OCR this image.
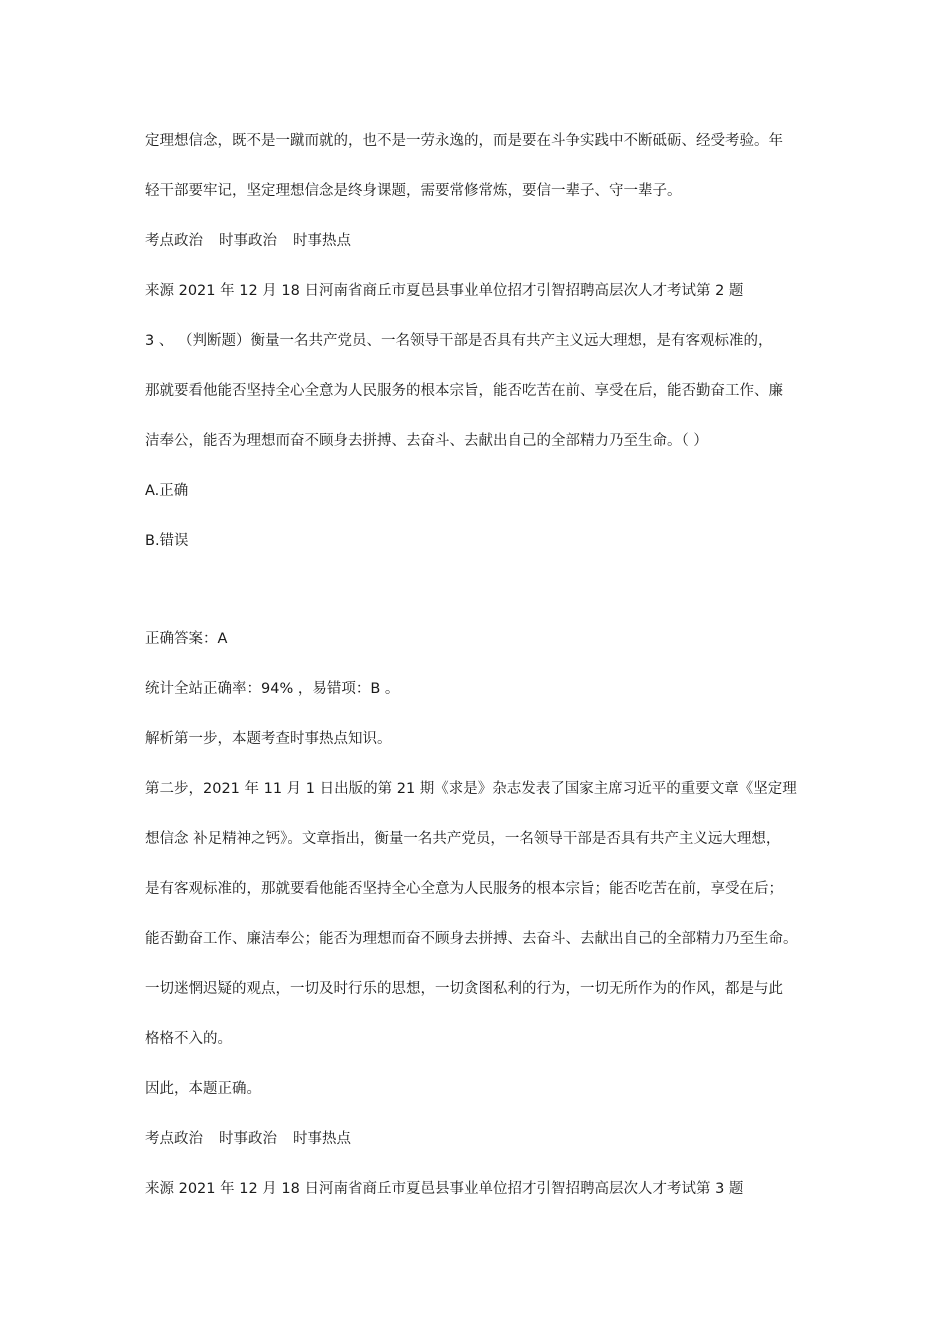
定理想信念，既不是一蹴而就的，也不是一劳永逸的，而是要在斗争实践中不断砥砺、经受考验。年
轻干部要牢记，坚定理想信念是终身课题，需要常修常炼，要信一辈子、守一辈子。
考点政治 时事政治 时事热点
来源 2021 年 12 月 18 日河南省商丘市夏邑县事业单位招才引智招聘高层次人才考试第 2 题
3 、 （判断题）衡量一名共产党员、一名领导干部是否具有共产主义远大理想，是有客观标准的，
那就要看他能否坚持全心全意为人民服务的根本宗旨，能否吃苦在前、享受在后，能否勤奋工作、廉
洁奉公，能否为理想而奋不顾身去拼搏、去奋斗、去献出自己的全部精力乃至生命。（ ）
A.正确
B.错误
正确答案：A
统计全站正确率：94% ，易错项：B 。
解析第一步，本题考查时事热点知识。
第二步，2021 年 11 月 1 日出版的第 21 期《求是》杂志发表了国家主席习近平的重要文章《坚定理
想信念 补足精神之钙》。文章指出，衡量一名共产党员，一名领导干部是否具有共产主义远大理想，
是有客观标准的，那就要看他能否坚持全心全意为人民服务的根本宗旨；能否吃苦在前，享受在后；
能否勤奋工作、廉洁奉公；能否为理想而奋不顾身去拼搏、去奋斗、去献出自己的全部精力乃至生命。
一切迷惘迟疑的观点，一切及时行乐的思想，一切贪图私利的行为，一切无所作为的作风，都是与此
格格不入的。
因此，本题正确。
考点政治 时事政治 时事热点
来源 2021 年 12 月 18 日河南省商丘市夏邑县事业单位招才引智招聘高层次人才考试第 3 题
